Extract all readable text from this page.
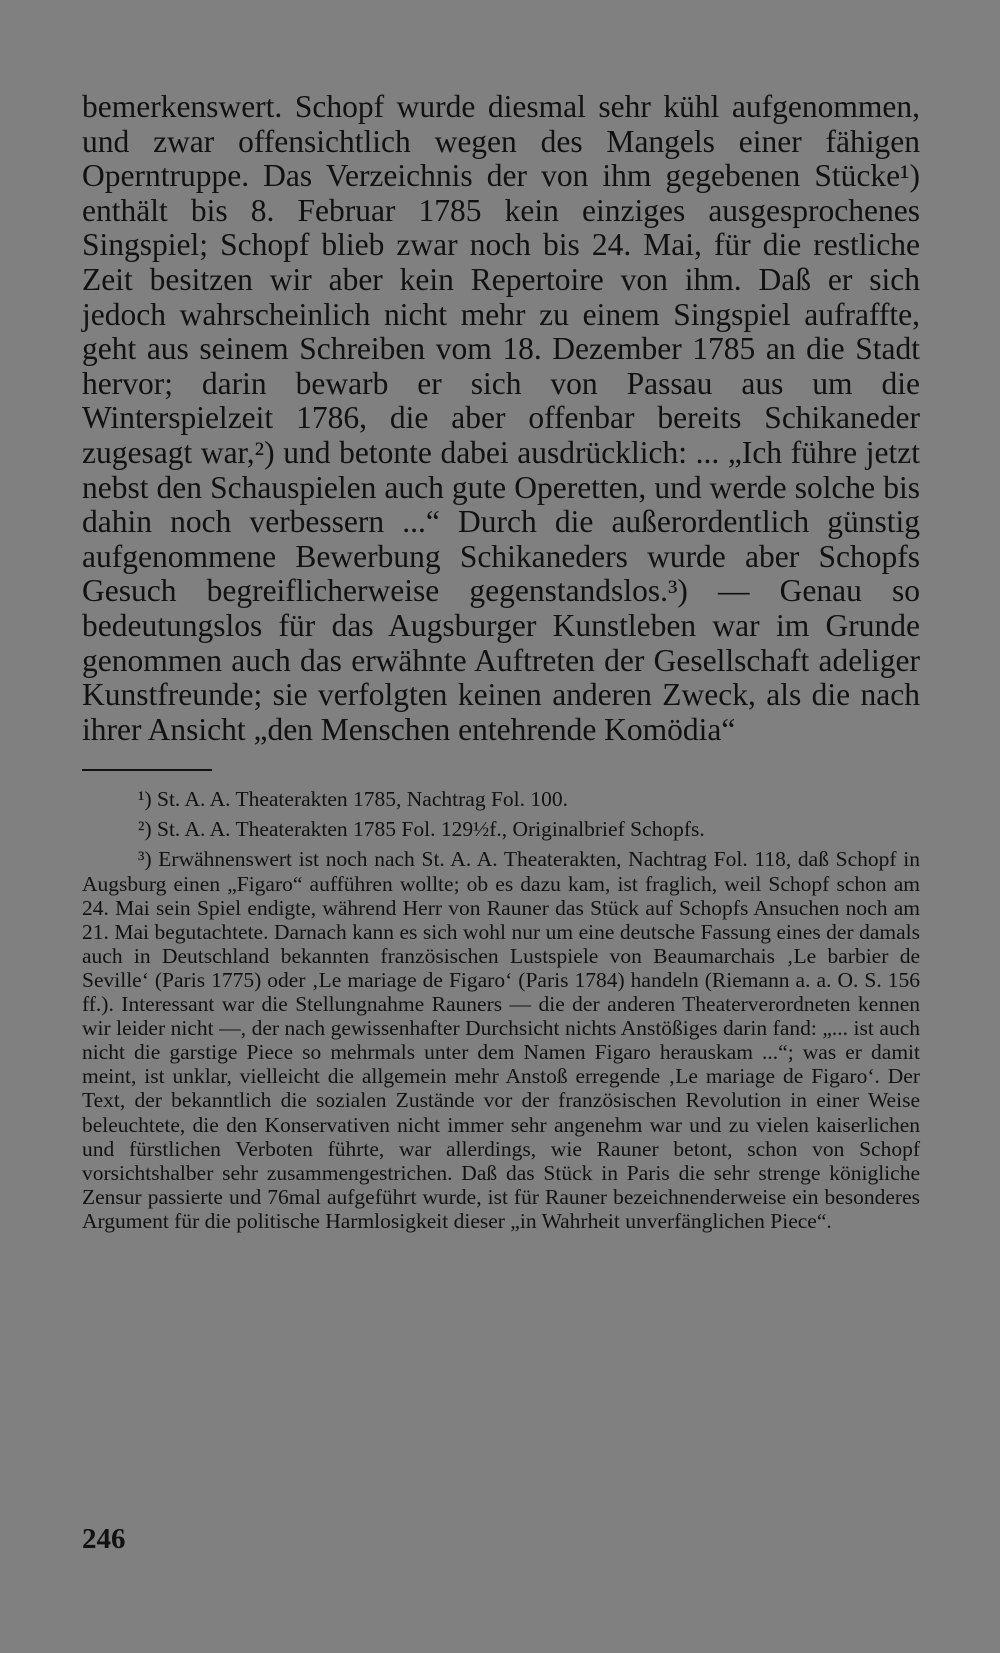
bemerkenswert. Schopf wurde diesmal sehr kühl aufgenommen, und zwar offensichtlich wegen des Mangels einer fähigen Operntruppe. Das Verzeichnis der von ihm gegebenen Stücke¹) enthält bis 8. Februar 1785 kein einziges ausgesprochenes Singspiel; Schopf blieb zwar noch bis 24. Mai, für die restliche Zeit besitzen wir aber kein Repertoire von ihm. Daß er sich jedoch wahrscheinlich nicht mehr zu einem Singspiel aufraffte, geht aus seinem Schreiben vom 18. Dezember 1785 an die Stadt hervor; darin bewarb er sich von Passau aus um die Winterspielzeit 1786, die aber offenbar bereits Schikaneder zugesagt war,²) und betonte dabei ausdrücklich: ... „Ich führe jetzt nebst den Schauspielen auch gute Operetten, und werde solche bis dahin noch verbessern ...“ Durch die außerordentlich günstig aufgenommene Bewerbung Schikaneders wurde aber Schopfs Gesuch begreiflicherweise gegenstandslos.³) — Genau so bedeutungslos für das Augsburger Kunstleben war im Grunde genommen auch das erwähnte Auftreten der Gesellschaft adeliger Kunstfreunde; sie verfolgten keinen anderen Zweck, als die nach ihrer Ansicht „den Menschen entehrende Komödia“

¹) St. A. A. Theaterakten 1785, Nachtrag Fol. 100.

²) St. A. A. Theaterakten 1785 Fol. 129½f., Originalbrief Schopfs.

³) Erwähnenswert ist noch nach St. A. A. Theaterakten, Nachtrag Fol. 118, daß Schopf in Augsburg einen „Figaro“ aufführen wollte; ob es dazu kam, ist fraglich, weil Schopf schon am 24. Mai sein Spiel endigte, während Herr von Rauner das Stück auf Schopfs Ansuchen noch am 21. Mai begutachtete. Darnach kann es sich wohl nur um eine deutsche Fassung eines der damals auch in Deutschland bekannten französischen Lustspiele von Beaumarchais ‚Le barbier de Seville‘ (Paris 1775) oder ‚Le mariage de Figaro‘ (Paris 1784) handeln (Riemann a. a. O. S. 156 ff.). Interessant war die Stellungnahme Rauners — die der anderen Theaterverordneten kennen wir leider nicht —, der nach gewissenhafter Durchsicht nichts Anstößiges darin fand: „... ist auch nicht die garstige Piece so mehrmals unter dem Namen Figaro herauskam ...“; was er damit meint, ist unklar, vielleicht die allgemein mehr Anstoß erregende ‚Le mariage de Figaro‘. Der Text, der bekanntlich die sozialen Zustände vor der französischen Revolution in einer Weise beleuchtete, die den Konservativen nicht immer sehr angenehm war und zu vielen kaiserlichen und fürstlichen Verboten führte, war allerdings, wie Rauner betont, schon von Schopf vorsichtshalber sehr zusammengestrichen. Daß das Stück in Paris die sehr strenge königliche Zensur passierte und 76mal aufgeführt wurde, ist für Rauner bezeichnenderweise ein besonderes Argument für die politische Harmlosigkeit dieser „in Wahrheit unverfänglichen Piece“.

246
